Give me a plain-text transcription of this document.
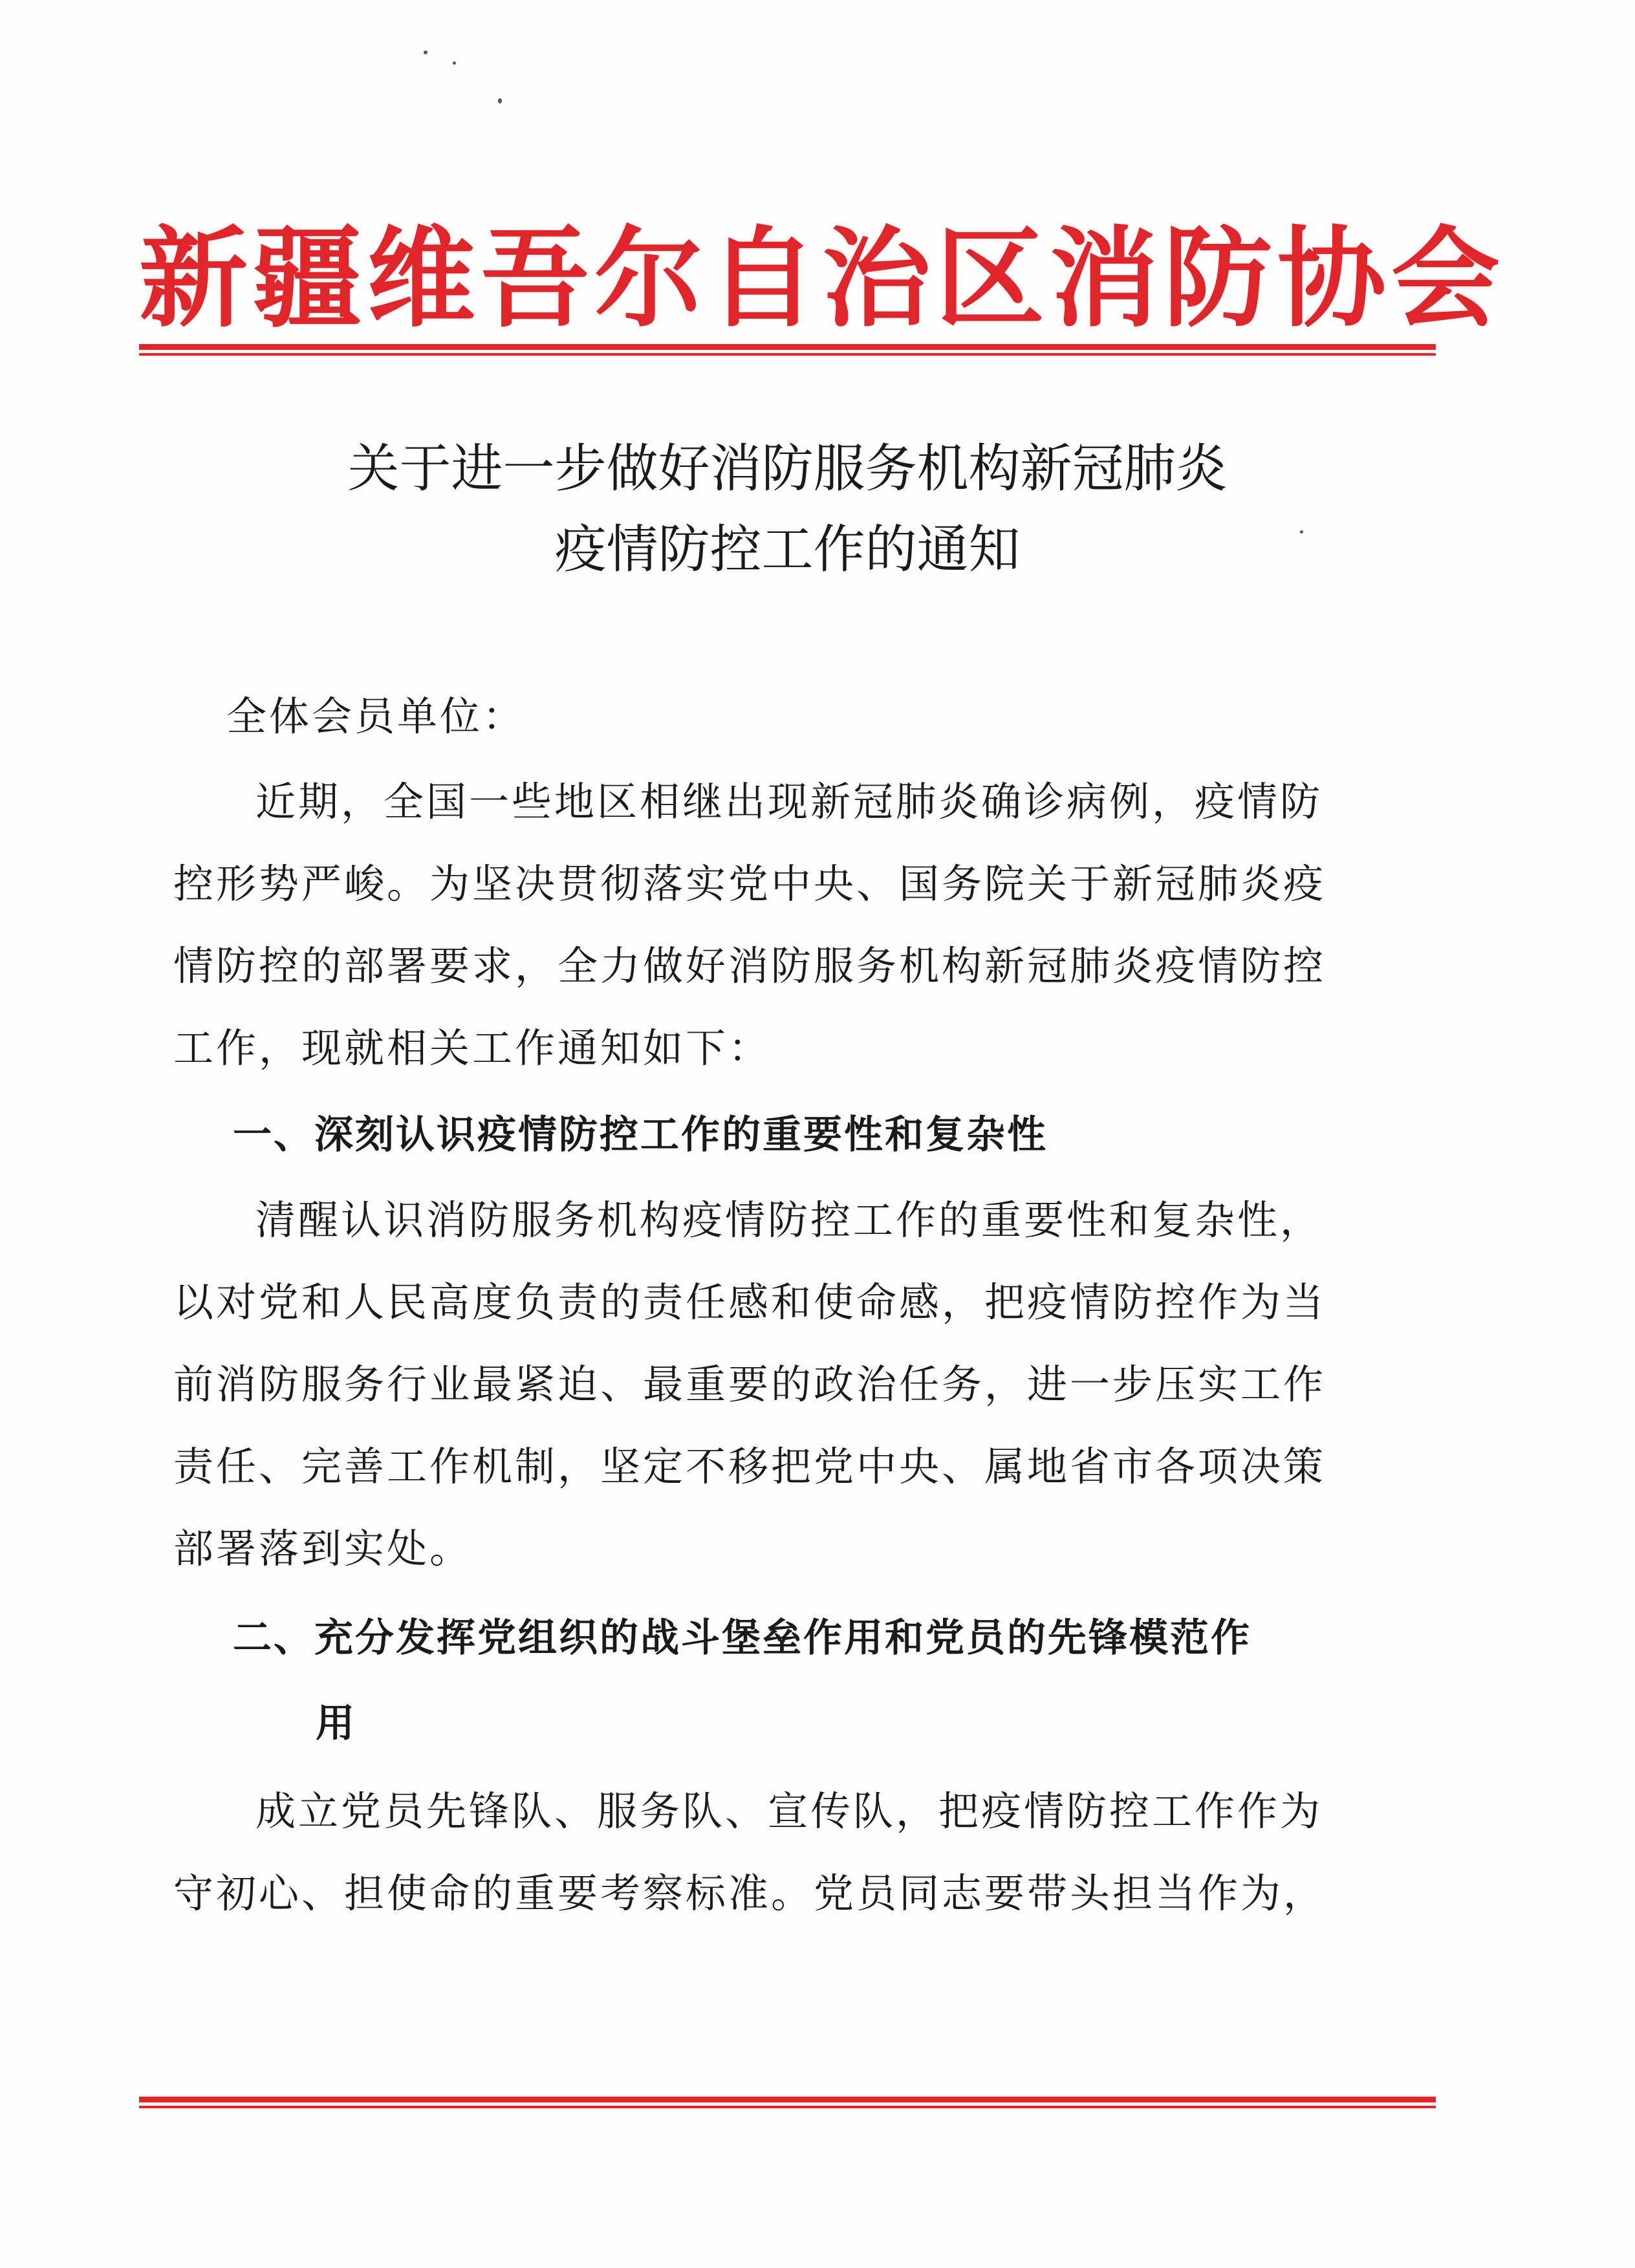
新疆维吾尔自治区消防协会
关于进一步做好消防服务机构新冠肺炎
疫情防控工作的通知
全体会员单位：
近期，全国一些地区相继出现新冠肺炎确诊病例，疫情防
控形势严峻。为坚决贯彻落实党中央、国务院关于新冠肺炎疫
情防控的部署要求，全力做好消防服务机构新冠肺炎疫情防控
工作，现就相关工作通知如下：
一、深刻认识疫情防控工作的重要性和复杂性
清醒认识消防服务机构疫情防控工作的重要性和复杂性，
以对党和人民高度负责的责任感和使命感，把疫情防控作为当
前消防服务行业最紧迫、最重要的政治任务，进一步压实工作
责任、完善工作机制，坚定不移把党中央、属地省市各项决策
部署落到实处。
二、充分发挥党组织的战斗堡垒作用和党员的先锋模范作
用
成立党员先锋队、服务队、宣传队，把疫情防控工作作为
守初心、担使命的重要考察标准。党员同志要带头担当作为，
